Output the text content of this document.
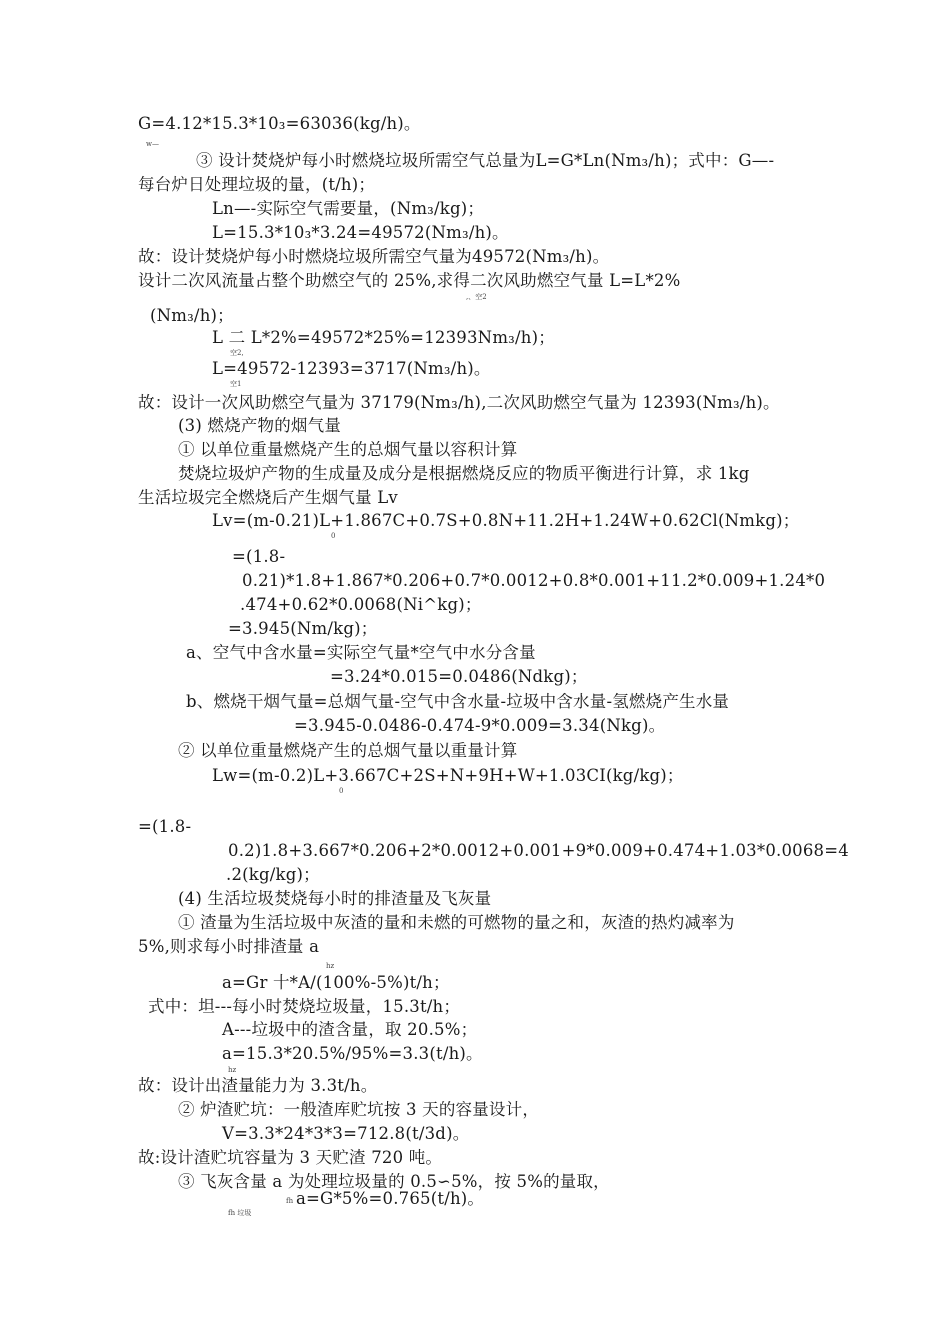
G=4.12*15.3*10₃=63036(kg/h)。
③ 设计焚烧炉每小时燃烧垃圾所需空气总量为L=G*Ln(Nm₃/h)；式中：G—-
每台炉日处理垃圾的量，(t/h)；
Ln—-实际空气需要量，(Nm₃/kg)；
L=15.3*10₃*3.24=49572(Nm₃/h)。
故：设计焚烧炉每小时燃烧垃圾所需空气量为49572(Nm₃/h)。
设计二次风流量占整个助燃空气的 25%,求得二次风助燃空气量 L=L*2%
(Nm₃/h)；
L 二 L*2%=49572*25%=12393Nm₃/h)；
L=49572-12393=3717(Nm₃/h)。
故：设计一次风助燃空气量为 37179(Nm₃/h),二次风助燃空气量为 12393(Nm₃/h)。
(3) 燃烧产物的烟气量
① 以单位重量燃烧产生的总烟气量以容积计算
焚烧垃圾炉产物的生成量及成分是根据燃烧反应的物质平衡进行计算，求 1kg
生活垃圾完全燃烧后产生烟气量 Lv
Lv=(m-0.21)L+1.867C+0.7S+0.8N+11.2H+1.24W+0.62Cl(Nmkg)；
=(1.8-
0.21)*1.8+1.867*0.206+0.7*0.0012+0.8*0.001+11.2*0.009+1.24*0
.474+0.62*0.0068(Ni^kg)；
=3.945(Nm/kg)；
a、空气中含水量=实际空气量*空气中水分含量
=3.24*0.015=0.0486(Ndkg)；
b、燃烧干烟气量=总烟气量-空气中含水量-垃圾中含水量-氢燃烧产生水量
=3.945-0.0486-0.474-9*0.009=3.34(Nkg)。
② 以单位重量燃烧产生的总烟气量以重量计算
Lw=(m-0.2)L+3.667C+2S+N+9H+W+1.03CI(kg/kg)；
=(1.8-
0.2)1.8+3.667*0.206+2*0.0012+0.001+9*0.009+0.474+1.03*0.0068=4
.2(kg/kg)；
(4) 生活垃圾焚烧每小时的排渣量及飞灰量
① 渣量为生活垃圾中灰渣的量和未燃的可燃物的量之和，灰渣的热灼减率为
5%,则求每小时排渣量 a
a=Gr 十*A/(100%-5%)t/h；
式中：坦---每小时焚烧垃圾量，15.3t/h；
A---垃圾中的渣含量，取 20.5%；
a=15.3*20.5%/95%=3.3(t/h)。
故：设计出渣量能力为 3.3t/h。
② 炉渣贮坑：一般渣库贮坑按 3 天的容量设计，
V=3.3*24*3*3=712.8(t/3d)。
故:设计渣贮坑容量为 3 天贮渣 720 吨。
③ 飞灰含量 a 为处理垃圾量的 0.5∽5%，按 5%的量取，
a=G*5%=0.765(t/h)。
w—
,、空2
空2,
空1
0
0
hz
hz
fh
fh 垃圾
